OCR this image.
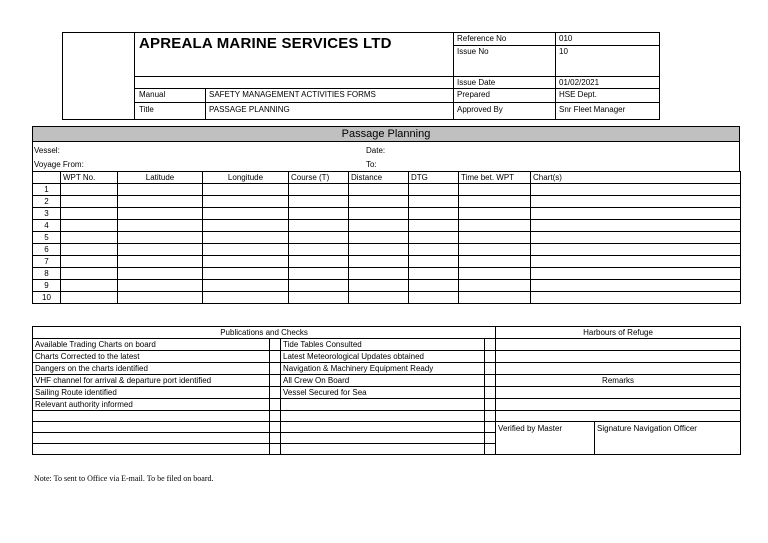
APREALA MARINE SERVICES LTD
Manual	SAFETY MANAGEMENT ACTIVITIES FORMS
Title	PASSAGE PLANNING
Reference No	010
Issue No	10
Issue Date	01/02/2021
Prepared	HSE Dept.
Approved By	Snr Fleet Manager
Passage Planning
Vessel:	Date:
Voyage From:	To:
	WPT No.	Latitude	Longitude	Course (T)	Distance	DTG	Time bet. WPT	Chart(s)
1								
2								
3								
4								
5								
6								
7								
8								
9								
10								
Publications and Checks				Harbours of Refuge	
Available Trading Charts on board		Tide Tables Consulted			
Charts Corrected to the latest		Latest Meteorological Updates obtained			
Dangers on the charts identified		Navigation & Machinery Equipment Ready			
VHF channel for arrival & departure port identified		All Crew On Board		Remarks	
Sailing Route identified		Vessel Secured for Sea			
Relevant authority informed					

				Verified by Master	Signature Navigation Officer

Note: To sent to Office via E-mail. To be filed on board.
